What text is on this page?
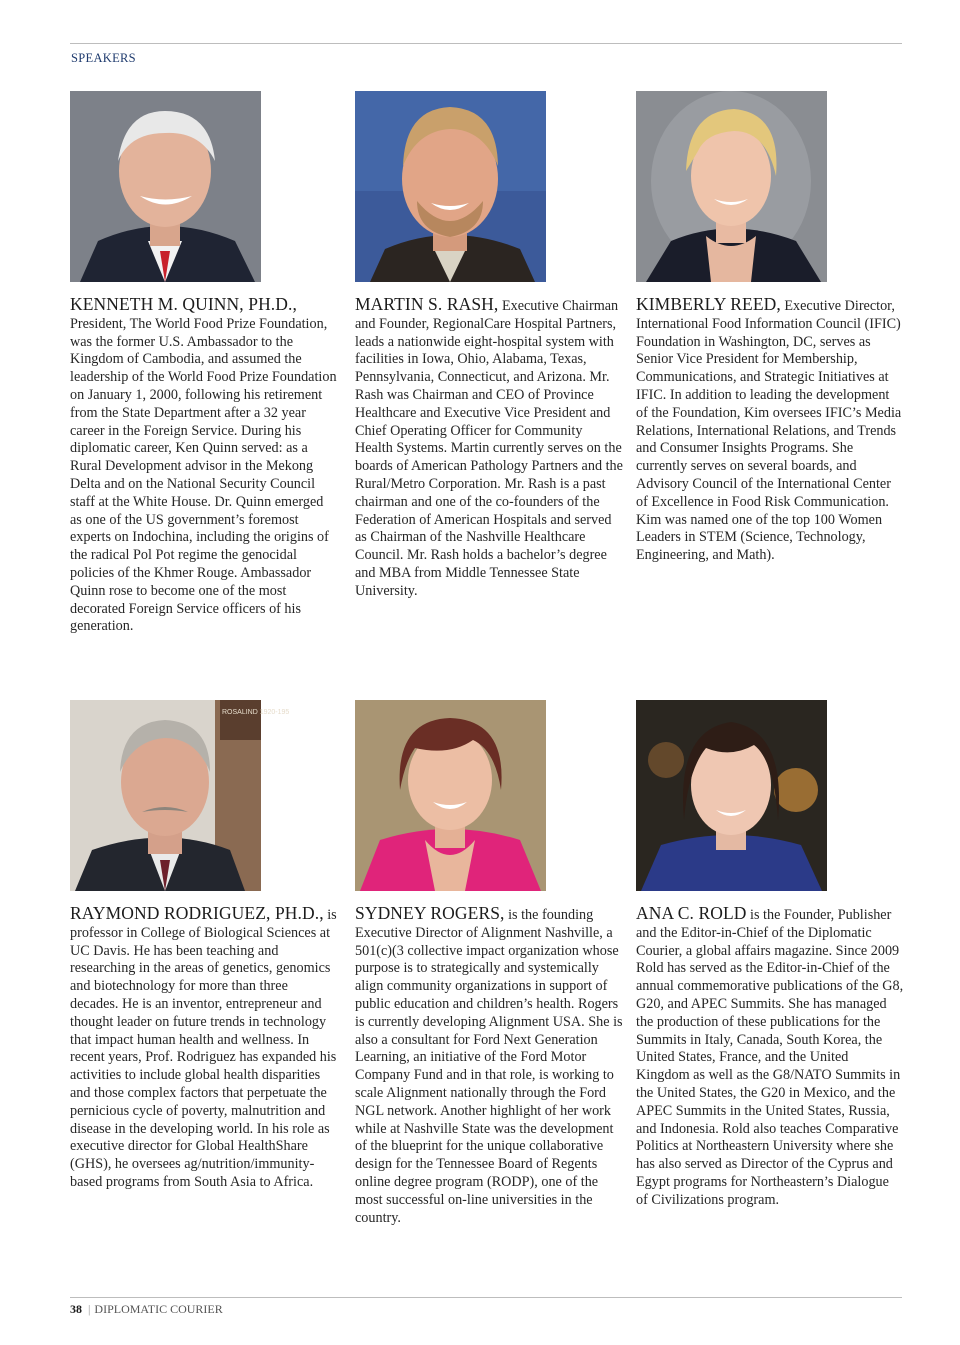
SPEAKERS
KENNETH M. QUINN, PH.D., President, The World Food Prize Foundation, was the former U.S. Ambassador to the Kingdom of Cambodia, and assumed the leadership of the World Food Prize Foundation on January 1, 2000, following his retirement from the State Department after a 32 year career in the Foreign Service. During his diplomatic career, Ken Quinn served: as a Rural Development advisor in the Mekong Delta and on the National Security Council staff at the White House. Dr. Quinn emerged as one of the US government’s foremost experts on Indochina, including the origins of the radical Pol Pot regime the genocidal policies of the Khmer Rouge. Ambassador Quinn rose to become one of the most decorated Foreign Service officers of his generation.
MARTIN S. RASH, Executive Chairman and Founder, RegionalCare Hospital Partners, leads a nationwide eight-hospital system with facilities in Iowa, Ohio, Alabama, Texas, Pennsylvania, Connecticut, and Arizona. Mr. Rash was Chairman and CEO of Province Healthcare and Executive Vice President and Chief Operating Officer for Community Health Systems. Martin currently serves on the boards of American Pathology Partners and the Rural/Metro Corporation. Mr. Rash is a past chairman and one of the co-founders of the Federation of American Hospitals and served as Chairman of the Nashville Healthcare Council. Mr. Rash holds a bachelor’s degree and MBA from Middle Tennessee State University.
KIMBERLY REED, Executive Director, International Food Information Council (IFIC) Foundation in Washington, DC, serves as Senior Vice President for Membership, Communications, and Strategic Initiatives at IFIC. In addition to leading the development of the Foundation, Kim oversees IFIC’s Media Relations, International Relations, and Trends and Consumer Insights Programs. She currently serves on several boards, and Advisory Council of the International Center of Excellence in Food Risk Communication. Kim was named one of the top 100 Women Leaders in STEM (Science, Technology, Engineering, and Math).
ROSALIND 1920-195
RAYMOND RODRIGUEZ, PH.D., is professor in College of Biological Sciences at UC Davis. He has been teaching and researching in the areas of genetics, genomics and biotechnology for more than three decades. He is an inventor, entrepreneur and thought leader on future trends in technology that impact human health and wellness. In recent years, Prof. Rodriguez has expanded his activities to include global health disparities and those complex factors that perpetuate the pernicious cycle of poverty, malnutrition and disease in the developing world. In his role as executive director for Global HealthShare (GHS), he oversees ag/nutrition/immunity-based programs from South Asia to Africa.
SYDNEY ROGERS, is the founding Executive Director of Alignment Nashville, a 501(c)(3 collective impact organization whose purpose is to strategically and systemically align community organizations in support of public education and children’s health. Rogers is currently developing Alignment USA. She is also a consultant for Ford Next Generation Learning, an initiative of the Ford Motor Company Fund and in that role, is working to scale Alignment nationally through the Ford NGL network. Another highlight of her work while at Nashville State was the development of the blueprint for the unique collaborative design for the Tennessee Board of Regents online degree program (RODP), one of the most successful on-line universities in the country.
ANA C. ROLD is the Founder, Publisher and the Editor-in-Chief of the Diplomatic Courier, a global affairs magazine. Since 2009 Rold has served as the Editor-in-Chief of the annual commemorative publications of the G8, G20, and APEC Summits. She has managed the production of these publications for the Summits in Italy, Canada, South Korea, the United States, France, and the United Kingdom as well as the G8/NATO Summits in the United States, the G20 in Mexico, and the APEC Summits in the United States, Russia, and Indonesia. Rold also teaches Comparative Politics at Northeastern University where she has also served as Director of the Cyprus and Egypt programs for Northeastern’s Dialogue of Civilizations program.
38 | DIPLOMATIC COURIER
